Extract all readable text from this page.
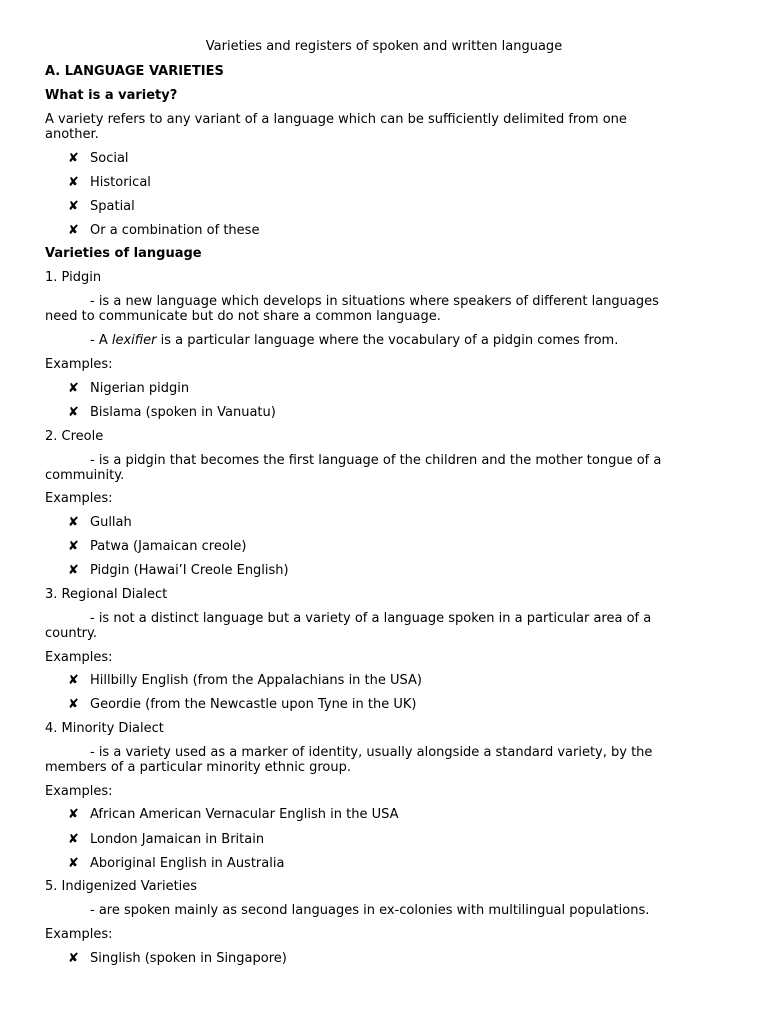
Varieties and registers of spoken and written language
A. LANGUAGE VARIETIES
What is a variety?
A variety refers to any variant of a language which can be sufficiently delimited from one
another.
✘ Social
✘ Historical
✘ Spatial
✘ Or a combination of these
Varieties of language
1. Pidgin
- is a new language which develops in situations where speakers of different languages
need to communicate but do not share a common language.
- A lexifier is a particular language where the vocabulary of a pidgin comes from.
Examples:
✘ Nigerian pidgin
✘ Bislama (spoken in Vanuatu)
2. Creole
- is a pidgin that becomes the first language of the children and the mother tongue of a
commuinity.
Examples:
✘ Gullah
✘ Patwa (Jamaican creole)
✘ Pidgin (Hawai’I Creole English)
3. Regional Dialect
- is not a distinct language but a variety of a language spoken in a particular area of a
country.
Examples:
✘ Hillbilly English (from the Appalachians in the USA)
✘ Geordie (from the Newcastle upon Tyne in the UK)
4. Minority Dialect
- is a variety used as a marker of identity, usually alongside a standard variety, by the
members of a particular minority ethnic group.
Examples:
✘ African American Vernacular English in the USA
✘ London Jamaican in Britain
✘ Aboriginal English in Australia
5. Indigenized Varieties
- are spoken mainly as second languages in ex-colonies with multilingual populations.
Examples:
✘ Singlish (spoken in Singapore)
